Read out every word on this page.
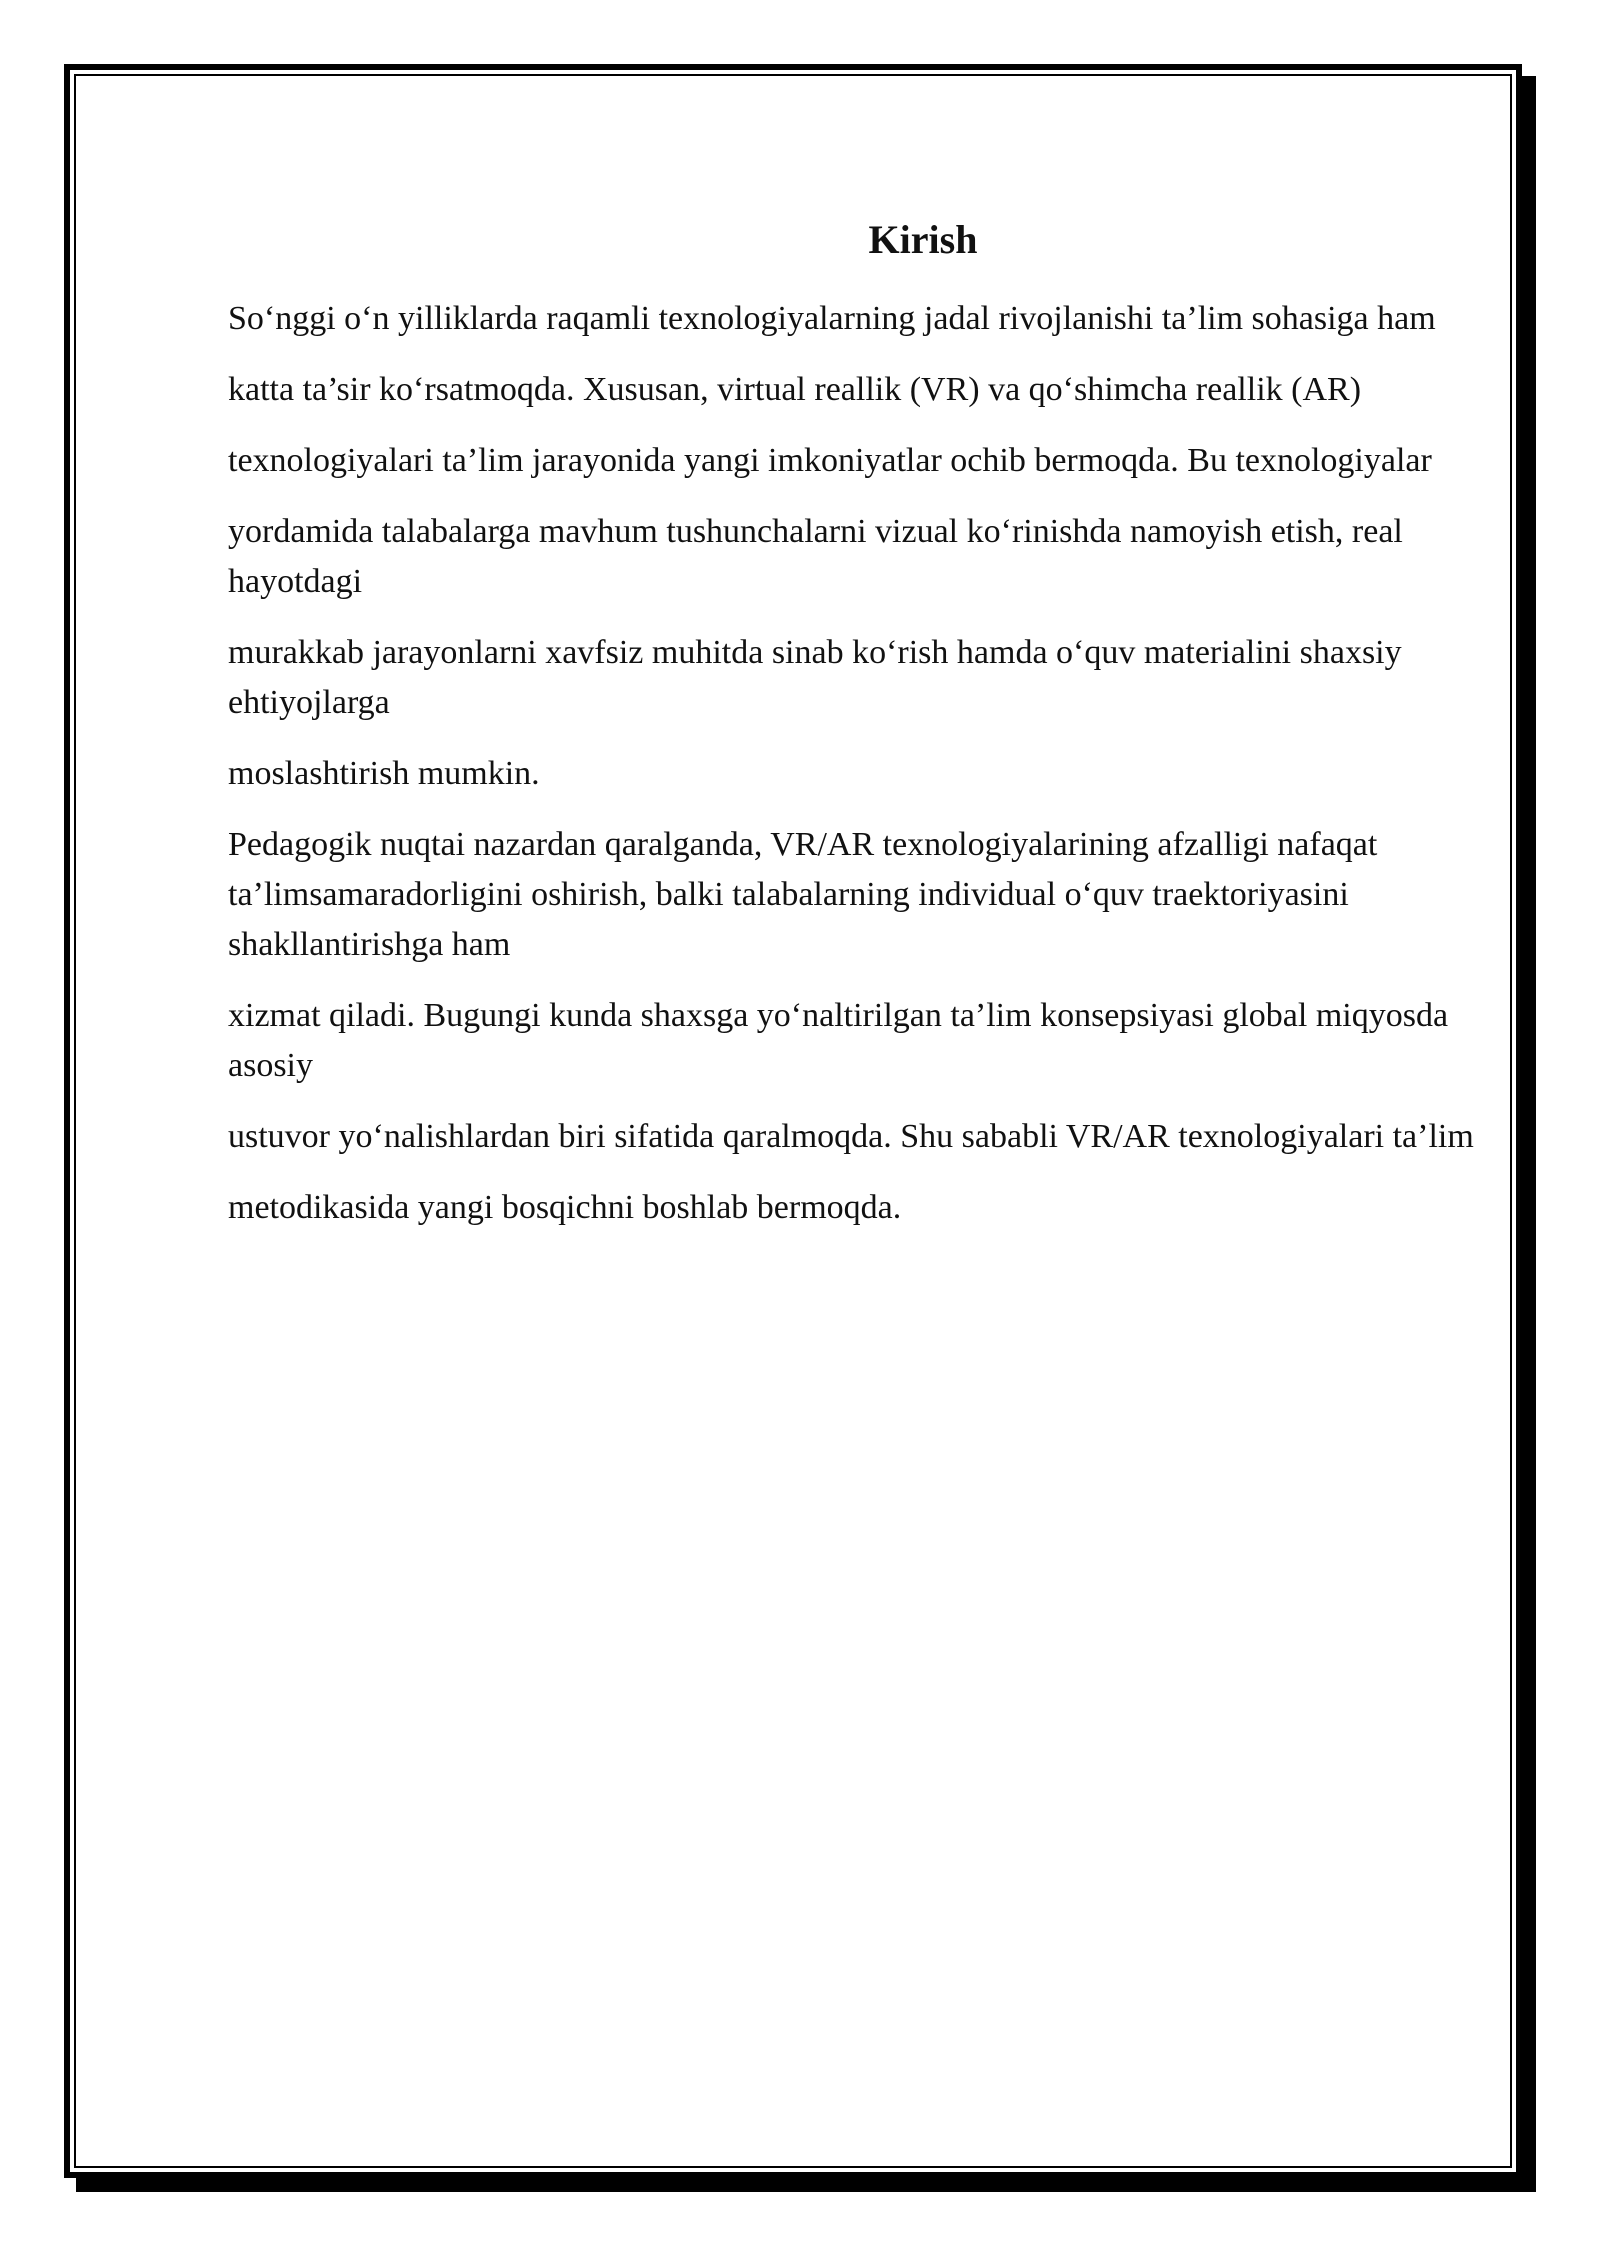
Kirish

So‘nggi o‘n yilliklarda raqamli texnologiyalarning jadal rivojlanishi ta’lim sohasiga ham

katta ta’sir ko‘rsatmoqda. Xususan, virtual reallik (VR) va qo‘shimcha reallik (AR)

texnologiyalari ta’lim jarayonida yangi imkoniyatlar ochib bermoqda. Bu texnologiyalar

yordamida talabalarga mavhum tushunchalarni vizual ko‘rinishda namoyish etish, real hayotdagi

murakkab jarayonlarni xavfsiz muhitda sinab ko‘rish hamda o‘quv materialini shaxsiy ehtiyojlarga

moslashtirish mumkin.

Pedagogik nuqtai nazardan qaralganda, VR/AR texnologiyalarining afzalligi nafaqat ta’limsamaradorligini oshirish, balki talabalarning individual o‘quv traektoriyasini shakllantirishga ham

xizmat qiladi. Bugungi kunda shaxsga yo‘naltirilgan ta’lim konsepsiyasi global miqyosda asosiy

ustuvor yo‘nalishlardan biri sifatida qaralmoqda. Shu sababli VR/AR texnologiyalari ta’lim

metodikasida yangi bosqichni boshlab bermoqda.
